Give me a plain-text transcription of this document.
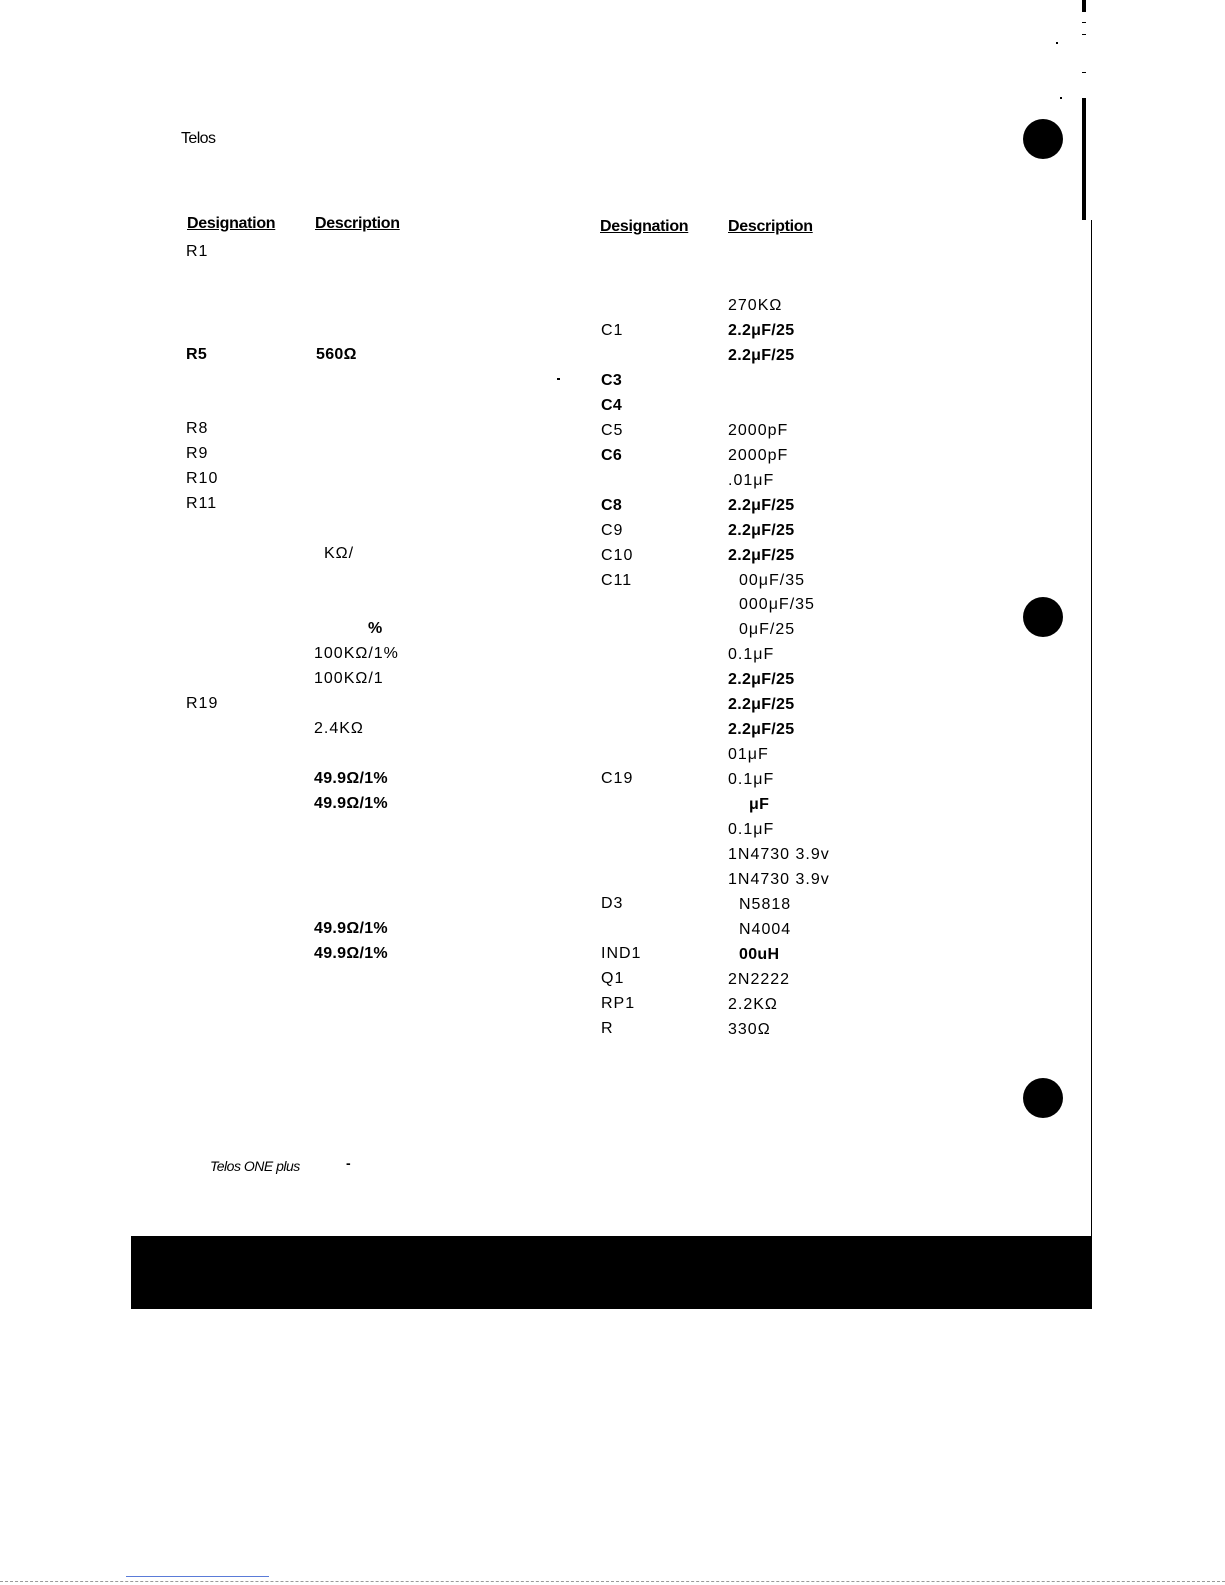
Telos
Designation Description	Designation Description
R1
R5
R8
R9
R10
R11
R19
560Ω
KΩ/
%
100KΩ/1%
100KΩ/1
2.4KΩ
49.9Ω/1%
49.9Ω/1%
49.9Ω/1%
49.9Ω/1%
C1
C3
C4
C5
C6
C8
C9
C10
C11
C19
D3
IND1
Q1
RP1
R
270KΩ
2.2μF/25
2.2μF/25
2000pF
2000pF
.01μF
2.2μF/25
2.2μF/25
2.2μF/25
00μF/35
000μF/35
0μF/25
0.1μF
2.2μF/25
2.2μF/25
2.2μF/25
01μF
0.1μF
μF
0.1μF
1N4730 3.9v
1N4730 3.9v
N5818
N4004
00uH
2N2222
2.2KΩ
330Ω
Telos ONE plus	-
